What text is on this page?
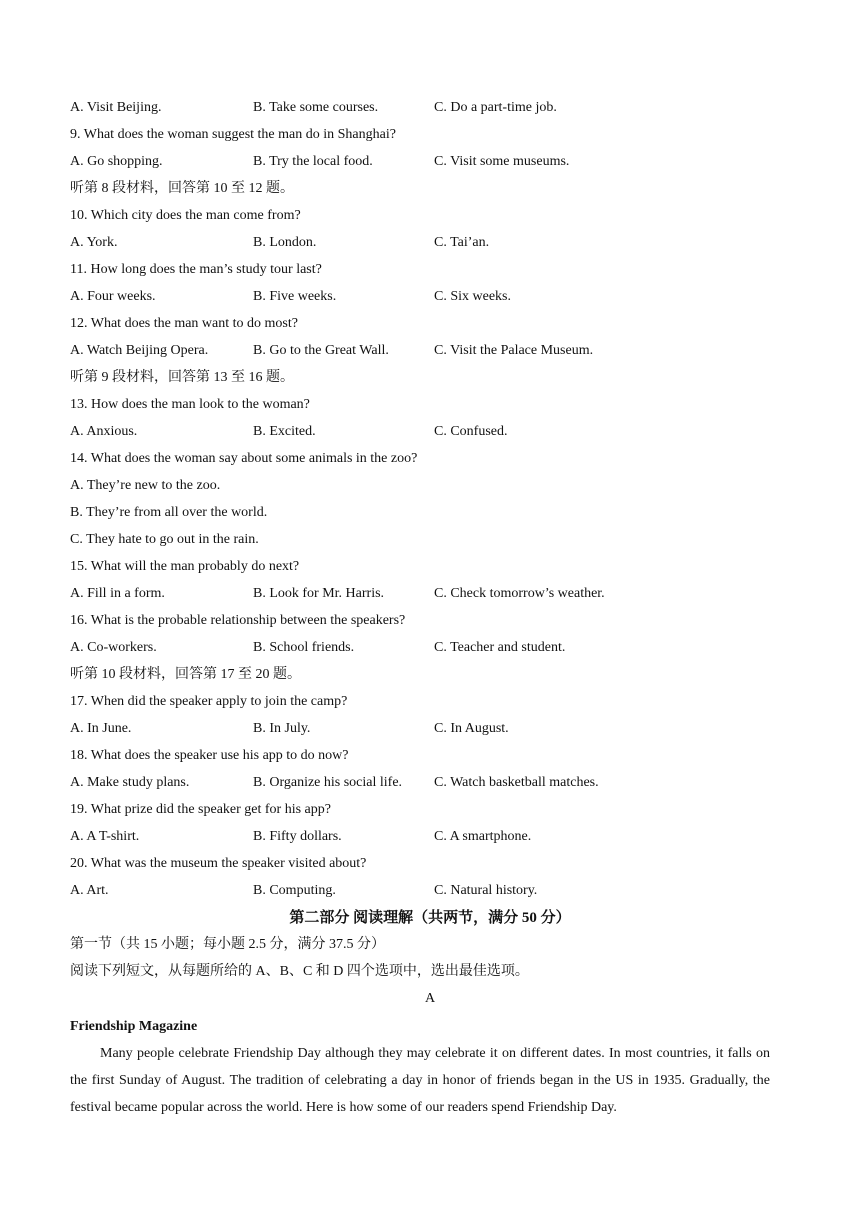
A. Visit Beijing.	B. Take some courses.	C. Do a part-time job.
9. What does the woman suggest the man do in Shanghai?
A. Go shopping.	B. Try the local food.	C. Visit some museums.
听第 8 段材料，回答第 10 至 12 题。
10. Which city does the man come from?
A. York.	B. London.	C. Tai’an.
11. How long does the man’s study tour last?
A. Four weeks.	B. Five weeks.	C. Six weeks.
12. What does the man want to do most?
A. Watch Beijing Opera.	B. Go to the Great Wall.	C. Visit the Palace Museum.
听第 9 段材料，回答第 13 至 16 题。
13. How does the man look to the woman?
A. Anxious.	B. Excited.	C. Confused.
14. What does the woman say about some animals in the zoo?
A. They’re new to the zoo.
B. They’re from all over the world.
C. They hate to go out in the rain.
15. What will the man probably do next?
A. Fill in a form.	B. Look for Mr. Harris.	C. Check tomorrow’s weather.
16. What is the probable relationship between the speakers?
A. Co-workers.	B. School friends.	C. Teacher and student.
听第 10 段材料，回答第 17 至 20 题。
17. When did the speaker apply to join the camp?
A. In June.	B. In July.	C. In August.
18. What does the speaker use his app to do now?
A. Make study plans.	B. Organize his social life. C. Watch basketball matches.
19. What prize did the speaker get for his app?
A. A T-shirt.	B. Fifty dollars.	C. A smartphone.
20. What was the museum the speaker visited about?
A. Art.	B. Computing.	C. Natural history.
第二部分 阅读理解（共两节，满分 50 分）
第一节（共 15 小题；每小题 2.5 分，满分 37.5 分）
阅读下列短文，从每题所给的 A、B、C 和 D 四个选项中，选出最佳选项。
A
Friendship Magazine
Many people celebrate Friendship Day although they may celebrate it on different dates. In most countries, it falls on the first Sunday of August. The tradition of celebrating a day in honor of friends began in the US in 1935. Gradually, the festival became popular across the world. Here is how some of our readers spend Friendship Day.
